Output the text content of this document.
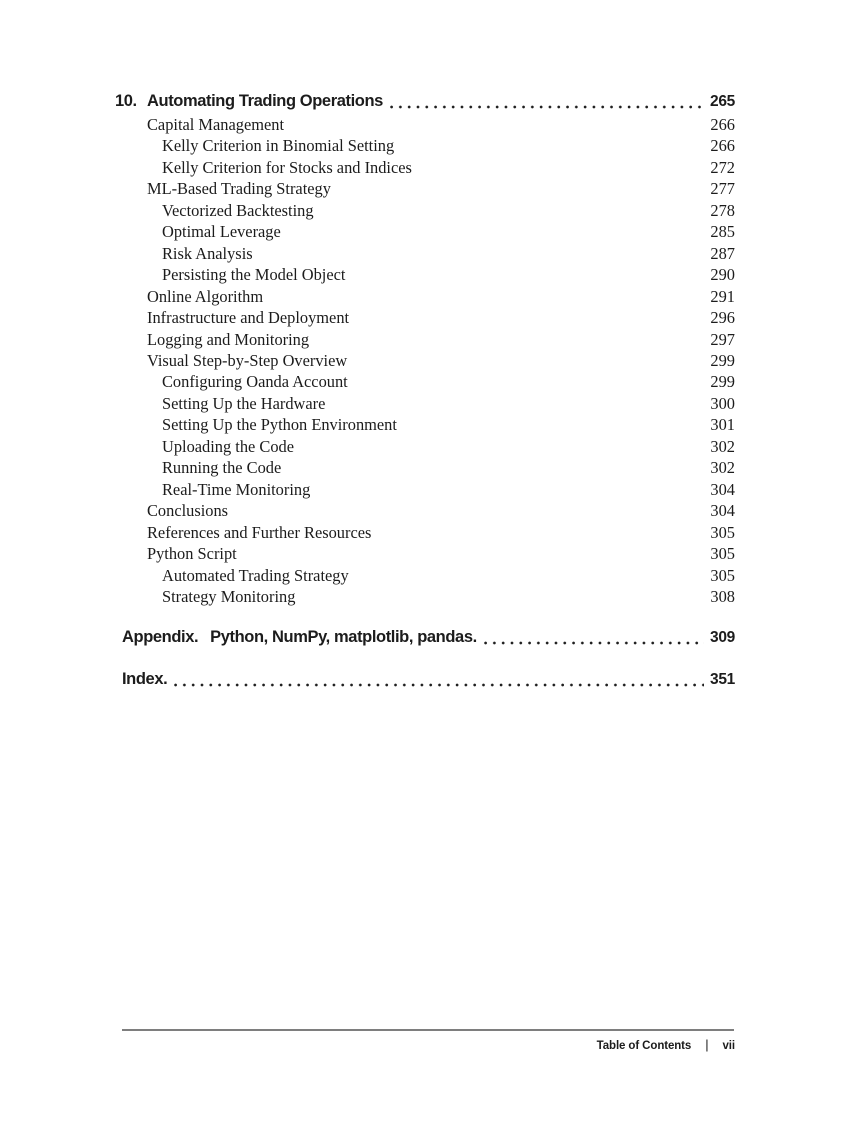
10. Automating Trading Operations	265
Capital Management	266
Kelly Criterion in Binomial Setting	266
Kelly Criterion for Stocks and Indices	272
ML-Based Trading Strategy	277
Vectorized Backtesting	278
Optimal Leverage	285
Risk Analysis	287
Persisting the Model Object	290
Online Algorithm	291
Infrastructure and Deployment	296
Logging and Monitoring	297
Visual Step-by-Step Overview	299
Configuring Oanda Account	299
Setting Up the Hardware	300
Setting Up the Python Environment	301
Uploading the Code	302
Running the Code	302
Real-Time Monitoring	304
Conclusions	304
References and Further Resources	305
Python Script	305
Automated Trading Strategy	305
Strategy Monitoring	308
Appendix. Python, NumPy, matplotlib, pandas.	309
Index.	351
Table of Contents | vii
